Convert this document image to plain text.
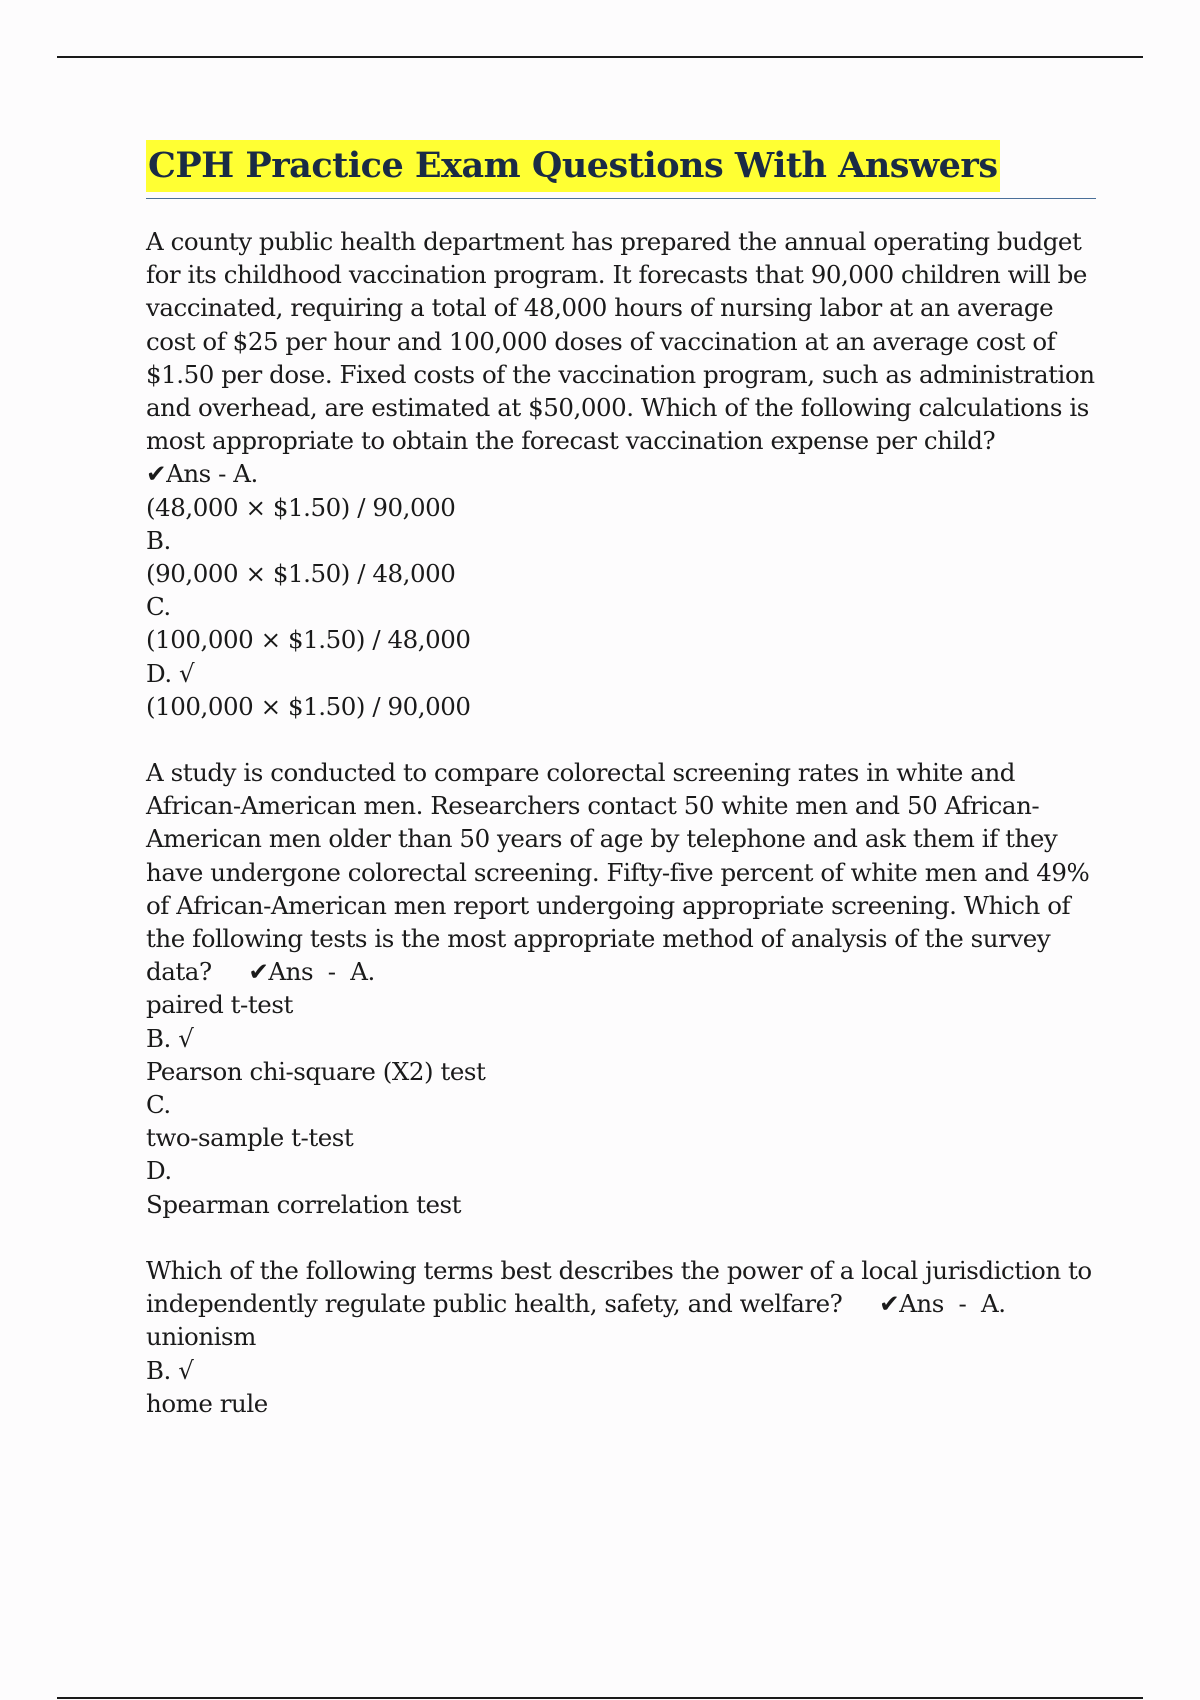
CPH Practice Exam Questions With Answers

A county public health department has prepared the annual operating budget for its childhood vaccination program. It forecasts that 90,000 children will be vaccinated, requiring a total of 48,000 hours of nursing labor at an average cost of $25 per hour and 100,000 doses of vaccination at an average cost of $1.50 per dose. Fixed costs of the vaccination program, such as administration and overhead, are estimated at $50,000. Which of the following calculations is most appropriate to obtain the forecast vaccination expense per child?

✔Ans - A.

(48,000 × $1.50) / 90,000

B.

(90,000 × $1.50) / 48,000

C.

(100,000 × $1.50) / 48,000

D. √

(100,000 × $1.50) / 90,000

A study is conducted to compare colorectal screening rates in white and African-American men. Researchers contact 50 white men and 50 African-American men older than 50 years of age by telephone and ask them if they have undergone colorectal screening. Fifty-five percent of white men and 49% of African-American men report undergoing appropriate screening. Which of the following tests is the most appropriate method of analysis of the survey data?     ✔Ans  -  A.

paired t-test

B. √

Pearson chi-square (X2) test

C.

two-sample t-test

D.

Spearman correlation test

Which of the following terms best describes the power of a local jurisdiction to independently regulate public health, safety, and welfare?     ✔Ans  -  A.

unionism

B. √

home rule
